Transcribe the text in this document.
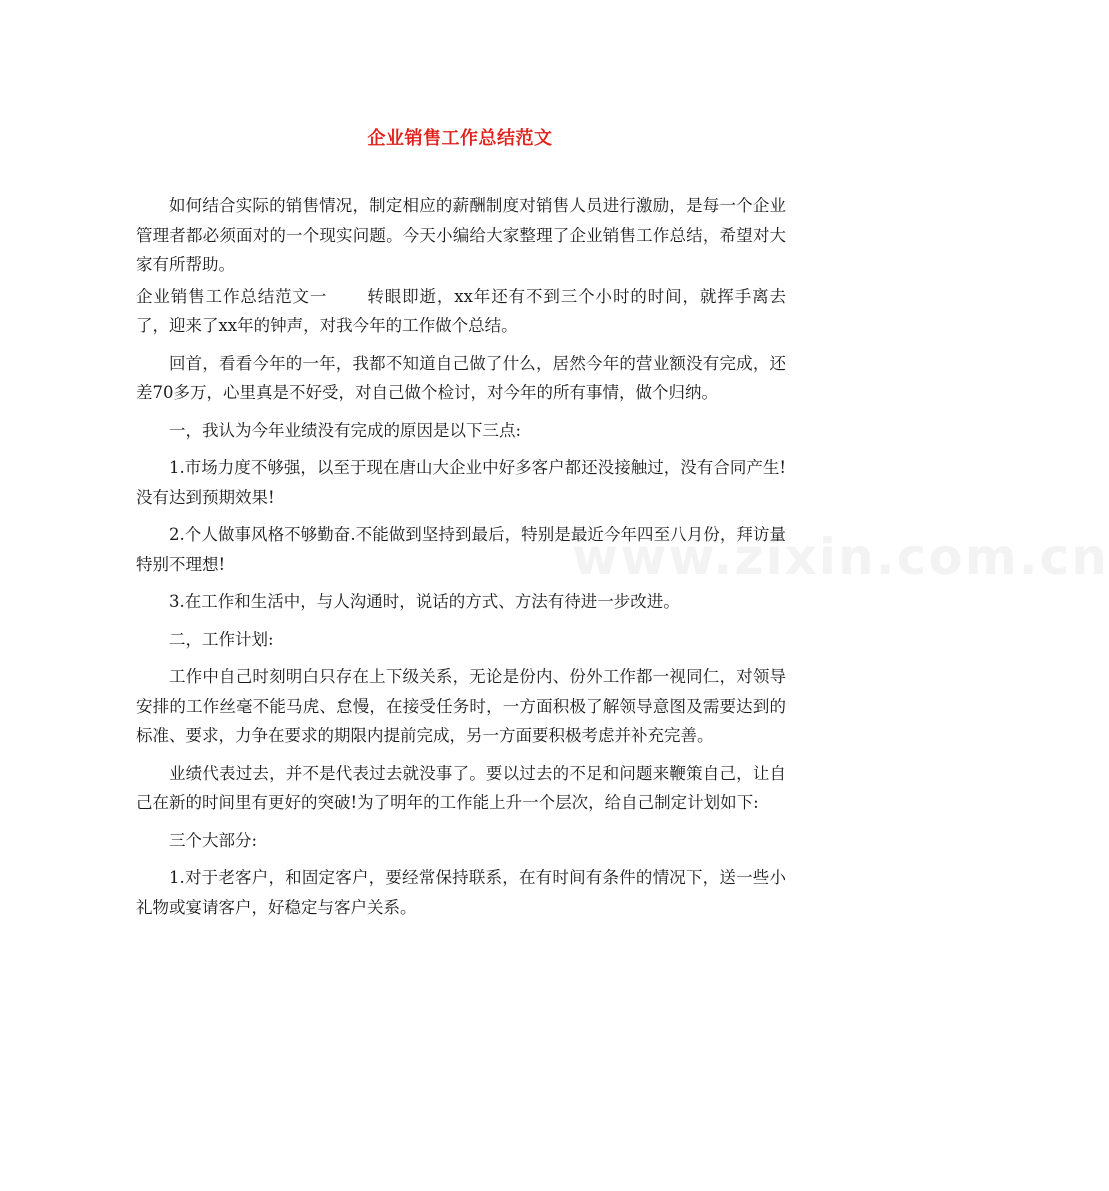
企业销售工作总结范文
www.zixin.com.cn

如何结合实际的销售情况，制定相应的薪酬制度对销售人员进行激励，是每一个企业管理者都必须面对的一个现实问题。今天小编给大家整理了企业销售工作总结，希望对大家有所帮助。

企业销售工作总结范文一 转眼即逝，xx年还有不到三个小时的时间，就挥手离去了，迎来了xx年的钟声，对我今年的工作做个总结。

回首，看看今年的一年，我都不知道自己做了什么，居然今年的营业额没有完成，还差70多万，心里真是不好受，对自己做个检讨，对今年的所有事情，做个归纳。

一，我认为今年业绩没有完成的原因是以下三点:

1.市场力度不够强，以至于现在唐山大企业中好多客户都还没接触过，没有合同产生!没有达到预期效果!

2.个人做事风格不够勤奋.不能做到坚持到最后，特别是最近今年四至八月份，拜访量特别不理想!

3.在工作和生活中，与人沟通时，说话的方式、方法有待进一步改进。

二，工作计划:

工作中自己时刻明白只存在上下级关系，无论是份内、份外工作都一视同仁，对领导安排的工作丝毫不能马虎、怠慢，在接受任务时，一方面积极了解领导意图及需要达到的标准、要求，力争在要求的期限内提前完成，另一方面要积极考虑并补充完善。

业绩代表过去，并不是代表过去就没事了。要以过去的不足和问题来鞭策自己，让自己在新的时间里有更好的突破!为了明年的工作能上升一个层次，给自己制定计划如下:

三个大部分:

1.对于老客户，和固定客户，要经常保持联系，在有时间有条件的情况下，送一些小礼物或宴请客户，好稳定与客户关系。
